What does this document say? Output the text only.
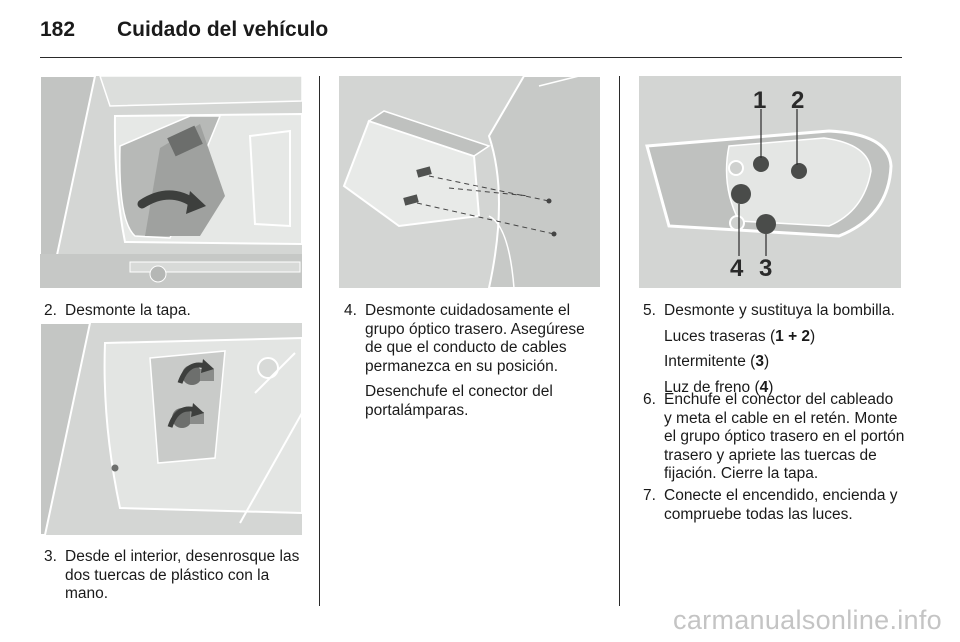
182 Cuidado del vehículo
2. Desmonte la tapa.

3. Desde el interior, desenrosque las dos tuercas de plástico con la mano.

4. Desmonte cuidadosamente el grupo óptico trasero. Asegúrese de que el conducto de cables permanezca en su posición.

Desenchufe el conector del portalámparas.

1 2
4 3
5. Desmonte y sustituya la bombilla.

Luces traseras (1 + 2)

Intermitente (3)

Luz de freno (4)

6. Enchufe el conector del cableado y meta el cable en el retén. Monte el grupo óptico trasero en el portón trasero y apriete las tuercas de fijación. Cierre la tapa.

7. Conecte el encendido, encienda y compruebe todas las luces.

carmanualsonline.info
